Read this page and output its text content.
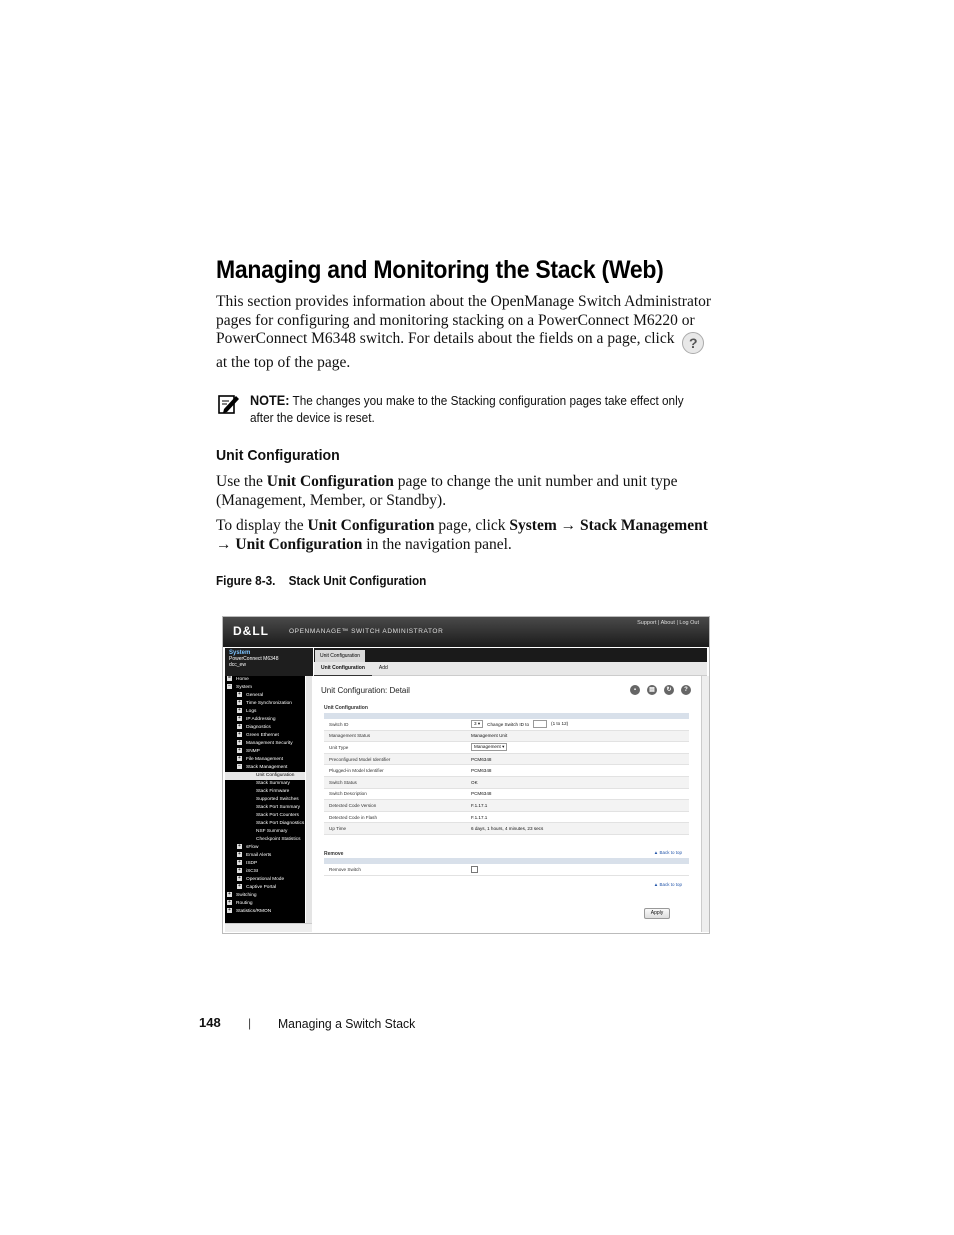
Managing and Monitoring the Stack (Web)

This section provides information about the OpenManage Switch Administrator pages for configuring and monitoring stacking on a PowerConnect M6220 or PowerConnect M6348 switch. For details about the fields on a page, click ? at the top of the page.

NOTE: The changes you make to the Stacking configuration pages take effect only after the device is reset.
Unit Configuration

Use the Unit Configuration page to change the unit number and unit type (Management, Member, or Standby).

To display the Unit Configuration page, click System → Stack Management
→ Unit Configuration in the navigation panel.

Figure 8-3. Stack Unit Configuration
D&LL	OPENMANAGE™ SWITCH ADMINISTRATOR
Support | About | Log Out
System
PowerConnect M6348
dcc_ew
= Home
− System
+ General
+ Time Synchronization
+ Logs
+ IP Addressing
+ Diagnostics
+ Green Ethernet
+ Management Security
+ SNMP
+ File Management
− Stack Management
Unit Configuration
Stack Summary
Stack Firmware
Supported Switches
Stack Port Summary
Stack Port Counters
Stack Port Diagnostics
NSF Summary
Checkpoint Statistics
+ sFlow
+ Email Alerts
+ ISDP
+ iSCSI
+ Operational Mode
+ Captive Portal
+ Switching
+ Routing
+ Statistics/RMON
Unit Configuration
Unit Configuration	Add
Unit Configuration: Detail	▪	▤	↻	?
Unit Configuration

Switch ID	3 ▾ Change Switch ID to (1 to 12)
Management Status	Management Unit
Unit Type	Management ▾
Preconfigured Model Identifier	PCM6348
Plugged-in Model Identifier	PCM6348
Switch Status	OK
Switch Description	PCM6348
Detected Code Version	F.1.17.1
Detected Code in Flash	F.1.17.1
Up Time	6 days, 1 hours, 4 minutes, 23 secs
Remove	▲ Back to top

Remove Switch	
▲ Back to top
Apply
148 | Managing a Switch Stack
